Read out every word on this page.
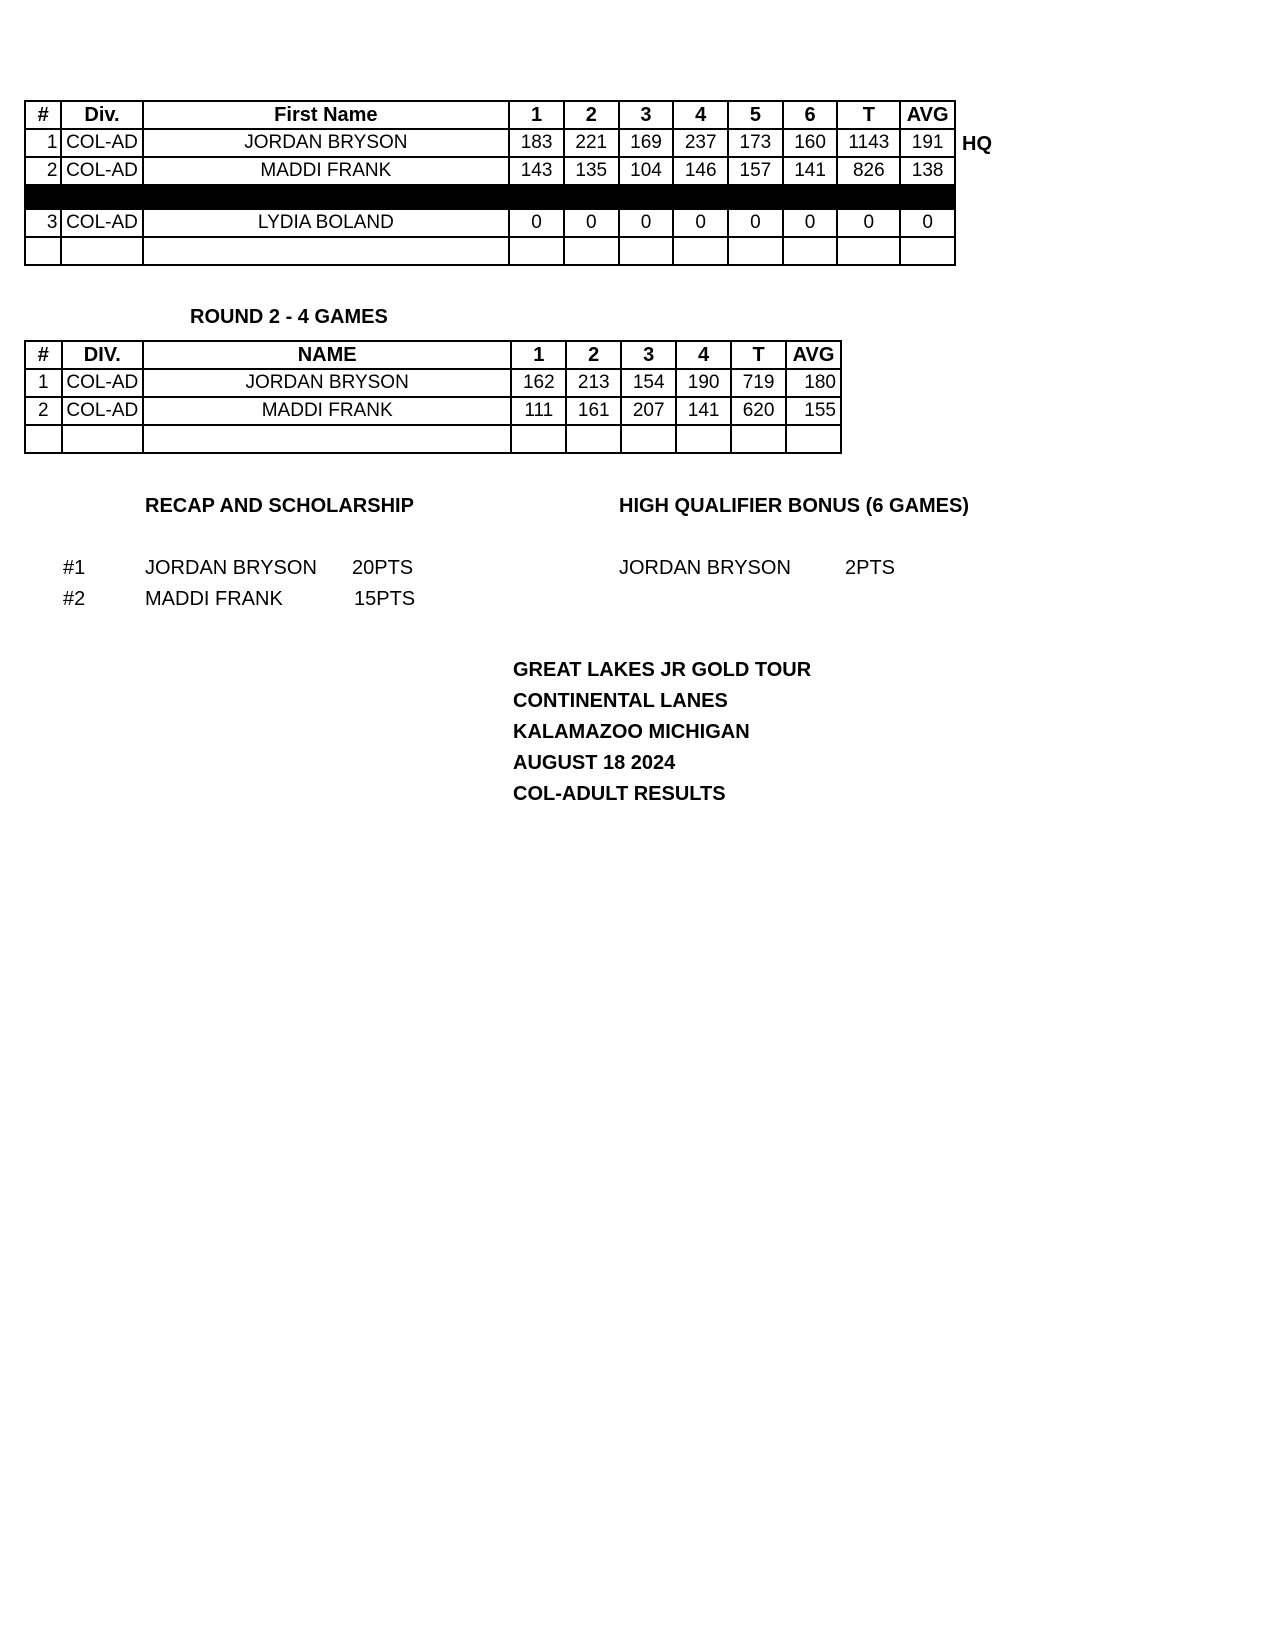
#	Div.	First Name	1	2	3	4	5	6	T	AVG
1	COL-AD	JORDAN BRYSON	183	221	169	237	173	160	1143	191
2	COL-AD	MADDI FRANK	143	135	104	146	157	141	826	138

3	COL-AD	LYDIA BOLAND	0	0	0	0	0	0	0	0

HQ
ROUND 2 - 4 GAMES
#	DIV.	NAME	1	2	3	4	T	AVG
1	COL-AD	JORDAN BRYSON	162	213	154	190	719	180
2	COL-AD	MADDI FRANK	111	161	207	141	620	155

RECAP AND SCHOLARSHIP
#1	JORDAN BRYSON 20PTS
#2	MADDI FRANK	15PTS
HIGH QUALIFIER BONUS (6 GAMES)
JORDAN BRYSON	2PTS
GREAT LAKES JR GOLD TOUR
CONTINENTAL LANES
KALAMAZOO MICHIGAN
AUGUST 18 2024
COL-ADULT RESULTS
